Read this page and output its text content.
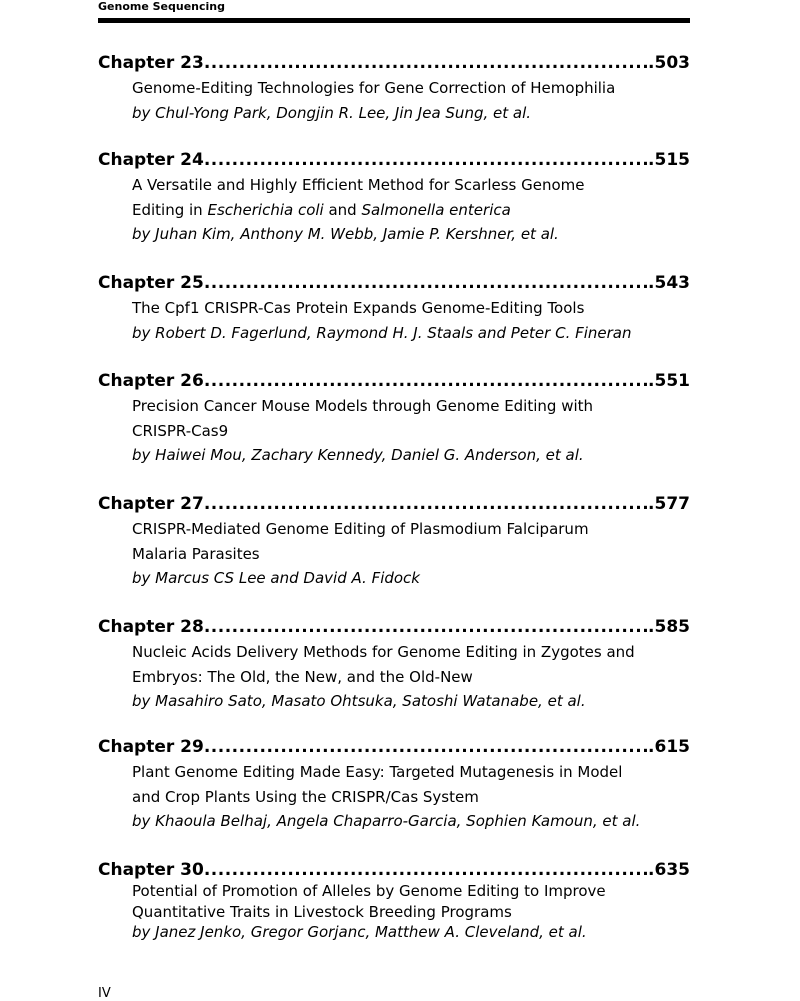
Genome Sequencing
Chapter 23 .....	.503
Genome-Editing Technologies for Gene Correction of Hemophilia
by Chul-Yong Park, Dongjin R. Lee, Jin Jea Sung, et al.
Chapter 24 .....	.515
A Versatile and Highly Efficient Method for Scarless Genome
Editing in Escherichia coli and Salmonella enterica
by Juhan Kim, Anthony M. Webb, Jamie P. Kershner, et al.
Chapter 25 .....	.543
The Cpf1 CRISPR-Cas Protein Expands Genome-Editing Tools
by Robert D. Fagerlund, Raymond H. J. Staals and Peter C. Fineran
Chapter 26 .....	.551
Precision Cancer Mouse Models through Genome Editing with
CRISPR-Cas9
by Haiwei Mou, Zachary Kennedy, Daniel G. Anderson, et al.
Chapter 27 .....	.577
CRISPR-Mediated Genome Editing of Plasmodium Falciparum
Malaria Parasites
by Marcus CS Lee and David A. Fidock
Chapter 28 .....	.585
Nucleic Acids Delivery Methods for Genome Editing in Zygotes and
Embryos: The Old, the New, and the Old-New
by Masahiro Sato, Masato Ohtsuka, Satoshi Watanabe, et al.
Chapter 29 .....	.615
Plant Genome Editing Made Easy: Targeted Mutagenesis in Model
and Crop Plants Using the CRISPR/Cas System
by Khaoula Belhaj, Angela Chaparro-Garcia, Sophien Kamoun, et al.
Chapter 30 .....	.635
Potential of Promotion of Alleles by Genome Editing to Improve
Quantitative Traits in Livestock Breeding Programs
by Janez Jenko, Gregor Gorjanc, Matthew A. Cleveland, et al.
IV
